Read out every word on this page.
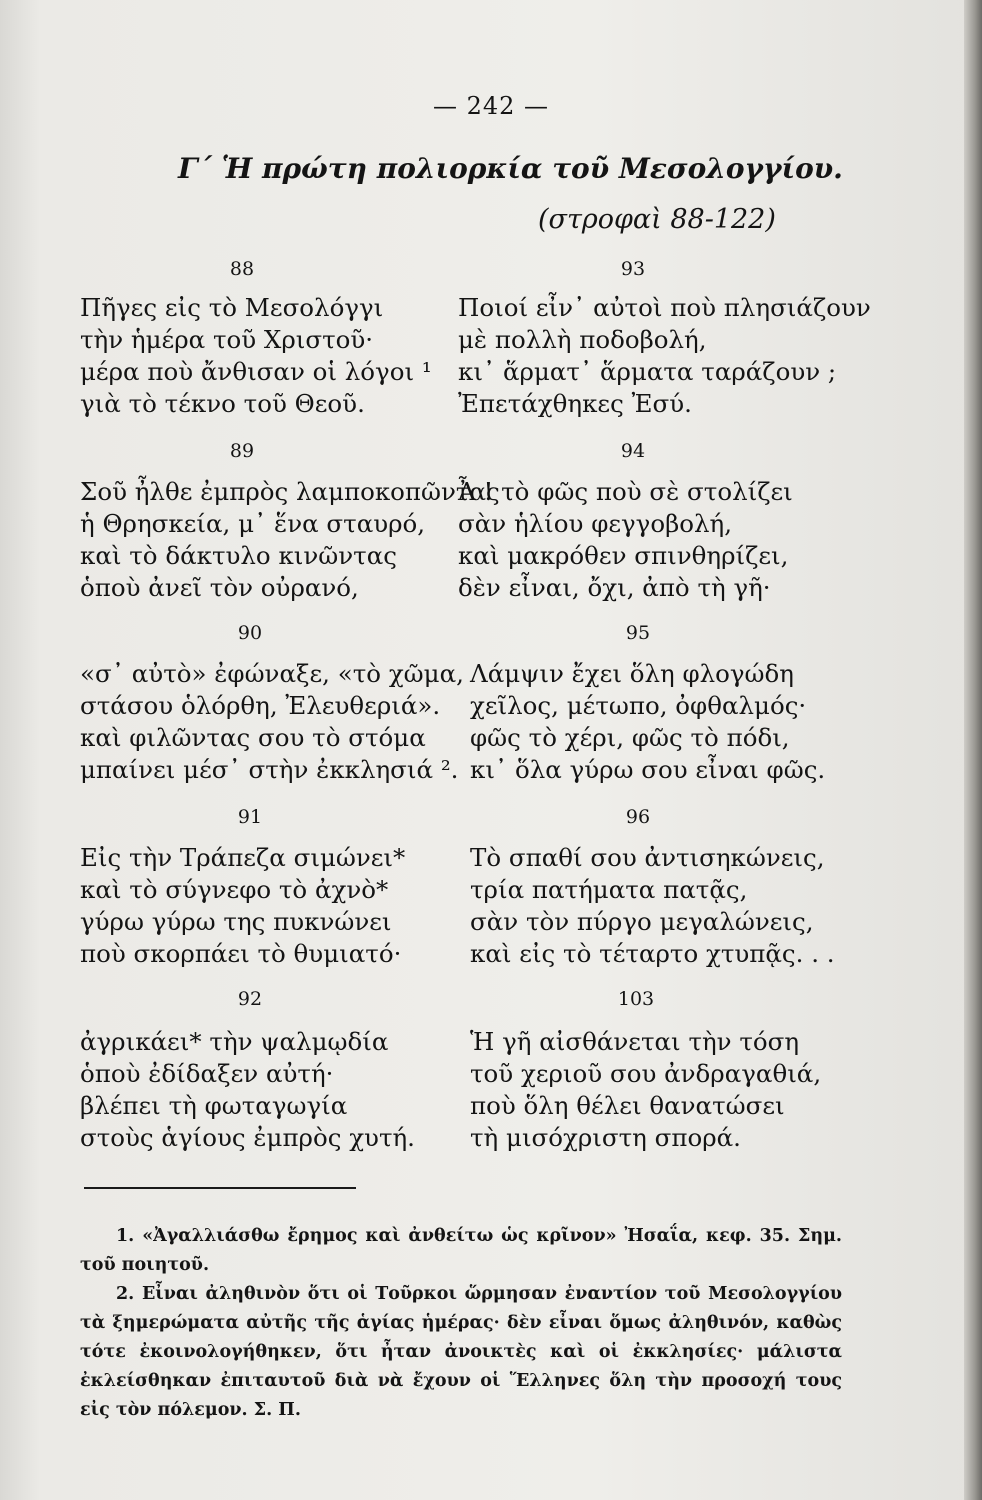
— 242 —
Γ΄ Ἡ πρώτη πολιορκία τοῦ Μεσολογγίου.
(στροφαὶ 88-122)
88
Πῆγες εἰς τὸ Μεσολόγγι
τὴν ἡμέρα τοῦ Χριστοῦ·
μέρα ποὺ ἄνθισαν οἱ λόγοι ¹
γιὰ τὸ τέκνο τοῦ Θεοῦ.
89
Σοῦ ἦλθε ἐμπρὸς λαμποκοπῶντας
ἡ Θρησκεία, μ᾽ ἕνα σταυρό,
καὶ τὸ δάκτυλο κινῶντας
ὁποὺ ἀνεῖ τὸν οὐρανό,
90
«σ᾽ αὐτὸ» ἐφώναξε, «τὸ χῶμα,
στάσου ὁλόρθη, Ἐλευθεριά».
καὶ φιλῶντας σου τὸ στόμα
μπαίνει μέσ᾽ στὴν ἐκκλησιά ².
91
Εἰς τὴν Τράπεζα σιμώνει*
καὶ τὸ σύγνεφο τὸ ἀχνὸ*
γύρω γύρω της πυκνώνει
ποὺ σκορπάει τὸ θυμιατό·
92
ἀγρικάει* τὴν ψαλμῳδία
ὁποὺ ἐδίδαξεν αὐτή·
βλέπει τὴ φωταγωγία
στοὺς ἁγίους ἐμπρὸς χυτή.
93
Ποιοί εἶν᾽ αὐτοὶ ποὺ πλησιάζουν
μὲ πολλὴ ποδοβολή,
κι᾽ ἅρματ᾽ ἅρματα ταράζουν ;
Ἐπετάχθηκες Ἐσύ.
94
Ἆ ! τὸ φῶς ποὺ σὲ στολίζει
σὰν ἡλίου φεγγοβολή,
καὶ μακρόθεν σπινθηρίζει,
δὲν εἶναι, ὄχι, ἀπὸ τὴ γῆ·
95
Λάμψιν ἔχει ὅλη φλογώδη
χεῖλος, μέτωπο, ὀφθαλμός·
φῶς τὸ χέρι, φῶς τὸ πόδι,
κι᾽ ὅλα γύρω σου εἶναι φῶς.
96
Τὸ σπαθί σου ἀντισηκώνεις,
τρία πατήματα πατᾷς,
σὰν τὸν πύργο μεγαλώνεις,
καὶ εἰς τὸ τέταρτο χτυπᾷς. . .
103
Ἡ γῆ αἰσθάνεται τὴν τόση
τοῦ χεριοῦ σου ἀνδραγαθιά,
ποὺ ὅλη θέλει θανατώσει
τὴ μισόχριστη σπορά.

1. «Ἀγαλλιάσθω ἔρημος καὶ ἀνθείτω ὡς κρῖνον» Ἠσαΐα, κεφ. 35. Σημ. τοῦ ποιητοῦ.

2. Εἶναι ἀληθινὸν ὅτι οἱ Τοῦρκοι ὥρμησαν ἐναντίον τοῦ Μεσολογγίου τὰ ξημερώματα αὐτῆς τῆς ἁγίας ἡμέρας· δὲν εἶναι ὅμως ἀληθινόν, καθὼς τότε ἐκοινολογήθηκεν, ὅτι ἦταν ἀνοικτὲς καὶ οἱ ἐκκλησίες· μάλιστα ἐκλείσθηκαν ἐπιταυτοῦ διὰ νὰ ἔχουν οἱ Ἕλληνες ὅλη τὴν προσοχή τους εἰς τὸν πόλεμον. Σ. Π.
